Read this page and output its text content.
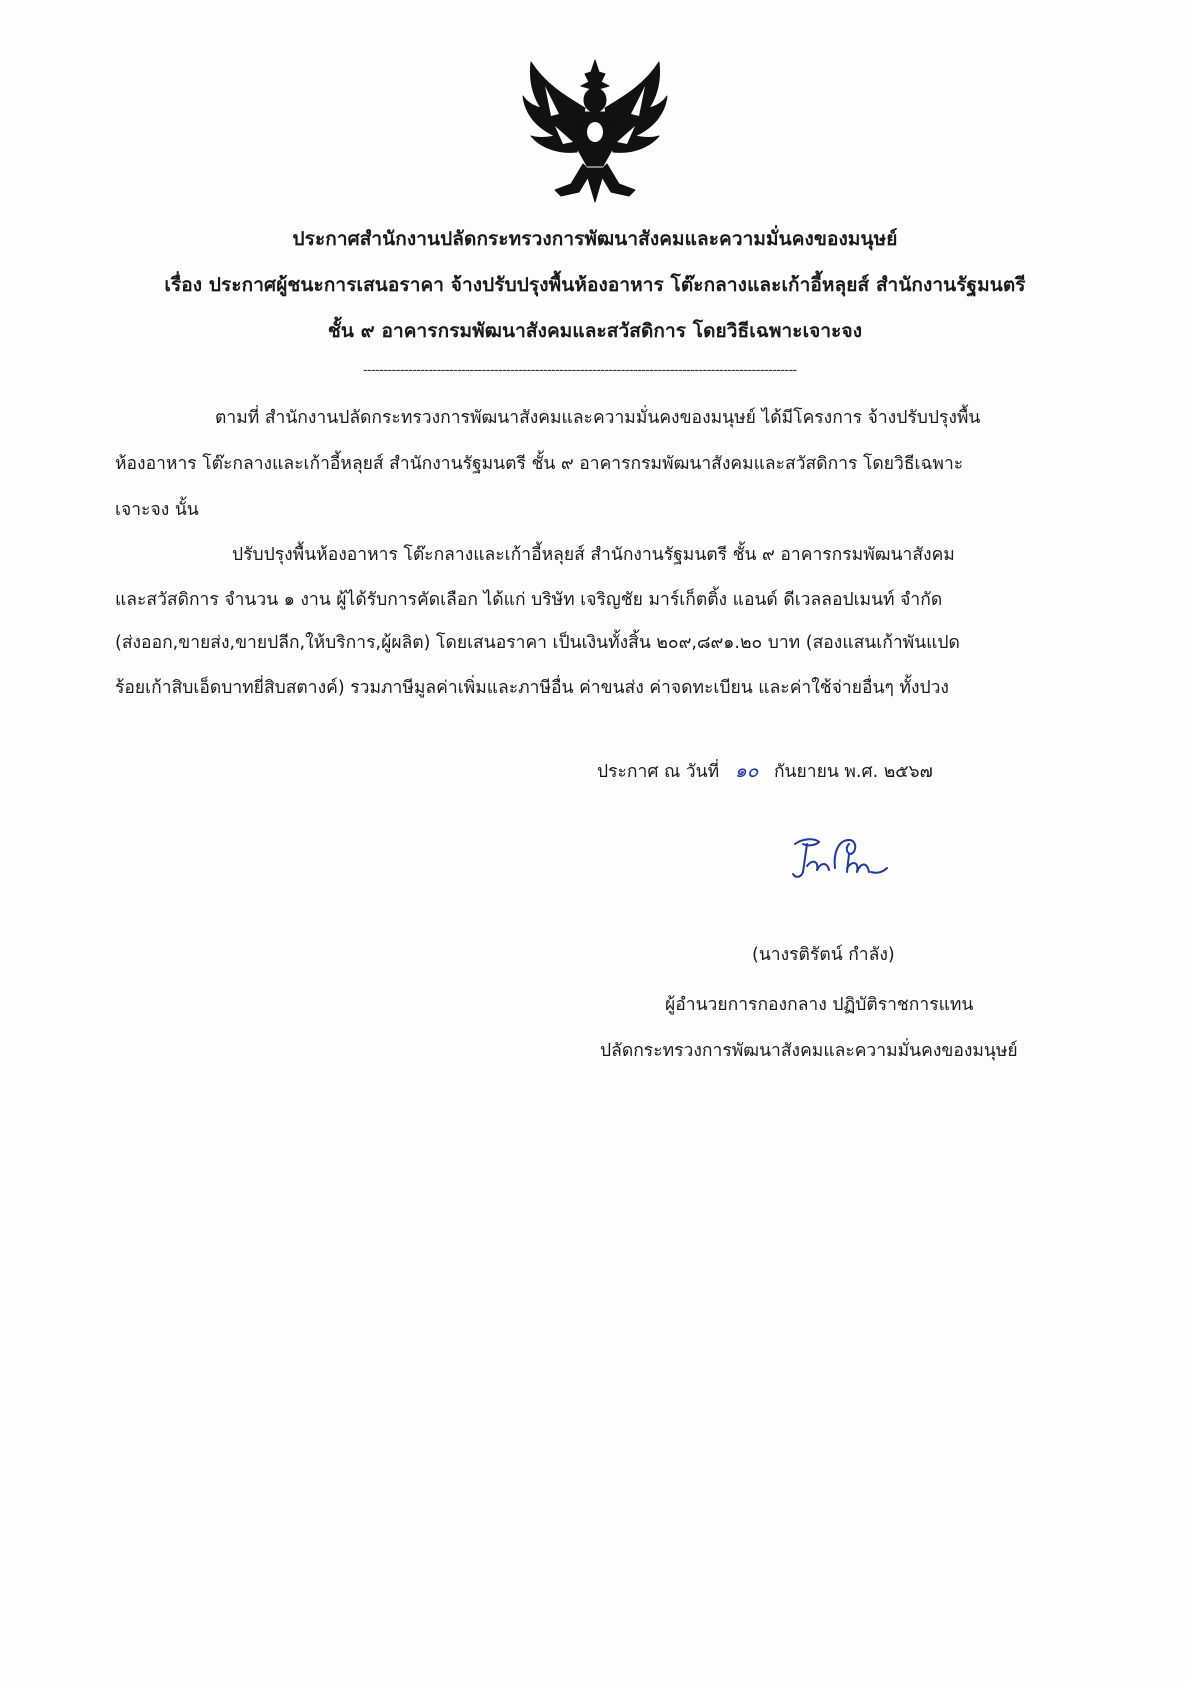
ประกาศสำนักงานปลัดกระทรวงการพัฒนาสังคมและความมั่นคงของมนุษย์
เรื่อง ประกาศผู้ชนะการเสนอราคา จ้างปรับปรุงพื้นห้องอาหาร โต๊ะกลางและเก้าอี้หลุยส์ สำนักงานรัฐมนตรี
ชั้น ๙ อาคารกรมพัฒนาสังคมและสวัสดิการ โดยวิธีเฉพาะเจาะจง
----------------------------------------------------------------------------------------------------------
ตามที่ สำนักงานปลัดกระทรวงการพัฒนาสังคมและความมั่นคงของมนุษย์ ได้มีโครงการ จ้างปรับปรุงพื้น
ห้องอาหาร โต๊ะกลางและเก้าอี้หลุยส์ สำนักงานรัฐมนตรี ชั้น ๙ อาคารกรมพัฒนาสังคมและสวัสดิการ โดยวิธีเฉพาะ
เจาะจง นั้น
ปรับปรุงพื้นห้องอาหาร โต๊ะกลางและเก้าอี้หลุยส์ สำนักงานรัฐมนตรี ชั้น ๙ อาคารกรมพัฒนาสังคม
และสวัสดิการ จำนวน ๑ งาน ผู้ได้รับการคัดเลือก ได้แก่ บริษัท เจริญชัย มาร์เก็ตติ้ง แอนด์ ดีเวลลอปเมนท์ จำกัด
(ส่งออก,ขายส่ง,ขายปลีก,ให้บริการ,ผู้ผลิต) โดยเสนอราคา เป็นเงินทั้งสิ้น ๒๐๙,๘๙๑.๒๐ บาท (สองแสนเก้าพันแปด
ร้อยเก้าสิบเอ็ดบาทยี่สิบสตางค์) รวมภาษีมูลค่าเพิ่มและภาษีอื่น ค่าขนส่ง ค่าจดทะเบียน และค่าใช้จ่ายอื่นๆ ทั้งปวง
ประกาศ ณ วันที่ ๑๐ กันยายน พ.ศ. ๒๕๖๗
(นางรติรัตน์ กำลัง)
ผู้อำนวยการกองกลาง ปฏิบัติราชการแทน
ปลัดกระทรวงการพัฒนาสังคมและความมั่นคงของมนุษย์
